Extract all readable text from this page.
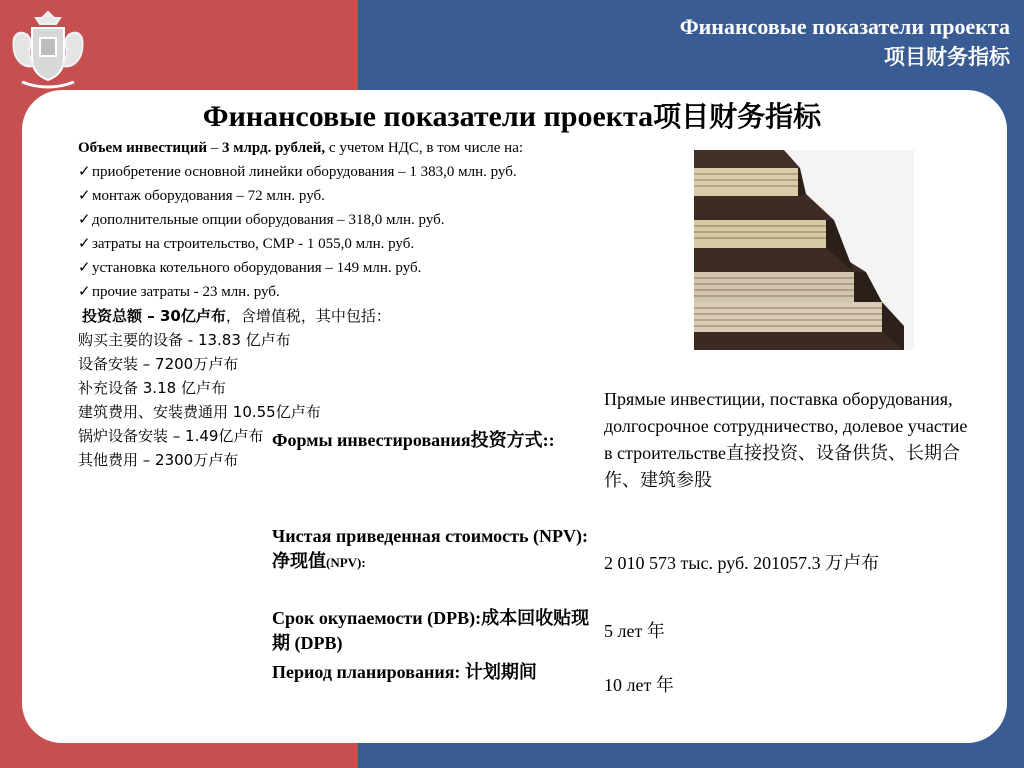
Финансовые показатели проекта
项目财务指标
Финансовые показатели проекта项目财务指标
Объем инвестиций – 3 млрд. рублей, с учетом НДС, в том числе на:
✓приобретение основной линейки оборудования – 1 383,0 млн. руб.
✓монтаж оборудования – 72 млн. руб.
✓дополнительные опции оборудования – 318,0 млн. руб.
✓затраты на строительство, СМР - 1 055,0 млн. руб.
✓установка котельного оборудования – 149 млн. руб.
✓прочие затраты - 23 млн. руб.
投资总额 – 30亿卢布，含增值税，其中包括：
购买主要的设备 - 13.83 亿卢布
设备安装 – 7200万卢布
补充设备 3.18 亿卢布
建筑费用、安装费通用 10.55亿卢布
锅炉设备安装 – 1.49亿卢布
其他费用 – 2300万卢布
Формы инвестирования投资方式::
Прямые инвестиции, поставка оборудования, долгосрочное сотрудничество, долевое участие в строительстве直接投资、设备供货、长期合作、建筑参股
Чистая приведенная стоимость (NPV):净现值(NPV):	2 010 573 тыс. руб. 201057.3 万卢布
Срок окупаемости (DPB):成本回收贴现期 (DPB)
5 лет 年
Период планирования: 计划期间
10 лет 年
